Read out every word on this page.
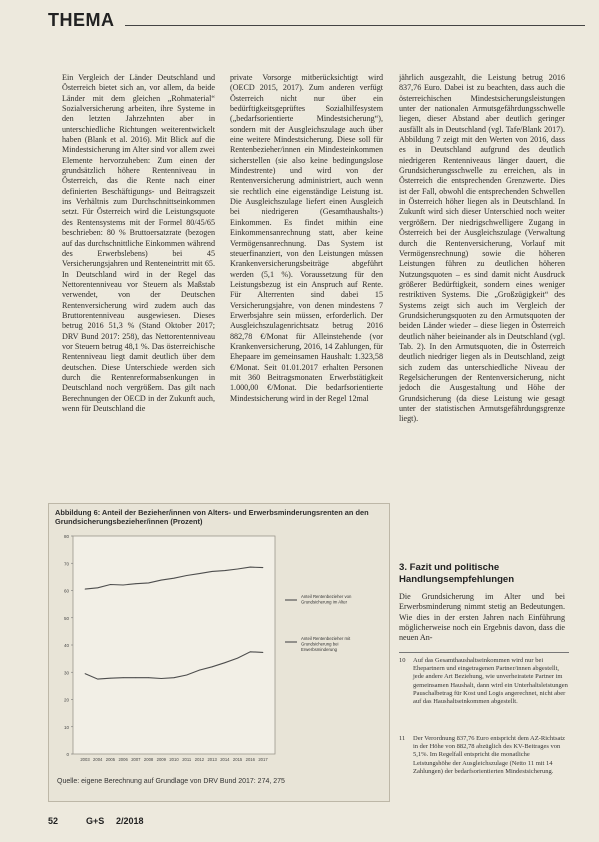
THEMA

Ein Vergleich der Länder Deutschland und Österreich bietet sich an, vor allem, da beide Länder mit dem gleichen „Rohmaterial“ Sozialversicherung arbeiten, ihre Systeme in den letzten Jahrzehnten aber in unterschiedliche Richtungen weiterentwickelt haben (Blank et al. 2016). Mit Blick auf die Mindestsicherung im Alter sind vor allem zwei Elemente hervorzuheben: Zum einen der grundsätzlich höhere Rentenniveau in Österreich, das die Rente nach einer definierten Beschäftigungs- und Beitragszeit ins Verhältnis zum Durchschnittseinkommen setzt. Für Österreich wird die Leistungsquote des Rentensystems mit der Formel 80/45/65 beschrieben: 80 % Bruttoersatzrate (bezogen auf das durchschnittliche Einkommen während des Erwerbslebens) bei 45 Versicherungsjahren und Renteneintritt mit 65. In Deutschland wird in der Regel das Nettorentenniveau vor Steuern als Maßstab verwendet, von der Deutschen Rentenversicherung wird zudem auch das Bruttorentenniveau ausgewiesen. Dieses betrug 2016 51,3 % (Stand Oktober 2017; DRV Bund 2017: 258), das Nettorentenniveau vor Steuern betrug 48,1 %. Das österreichische Rentenniveau liegt damit deutlich über dem deutschen. Diese Unterschiede werden sich durch die Rentenreformabsenkungen in Deutschland noch vergrößern. Das gilt nach Berechnungen der OECD in der Zukunft auch, wenn für Deutschland die

private Vorsorge mitberücksichtigt wird (OECD 2015, 2017). Zum anderen verfügt Österreich nicht nur über ein bedürftigkeitsgeprüftes Sozialhilfesystem („bedarfsorientierte Mindestsicherung“), sondern mit der Ausgleichszulage auch über eine weitere Mindestsicherung. Diese soll für Rentenbezieher/innen ein Mindesteinkommen sicherstellen (sie also keine bedingungslose Mindestrente) und wird von der Rentenversicherung administriert, auch wenn sie rechtlich eine eigenständige Leistung ist. Die Ausgleichszulage liefert einen Ausgleich bei niedrigeren (Gesamthaushalts-) Einkommen. Es findet mithin eine Einkommensanrechnung statt, aber keine Vermögensanrechnung. Das System ist steuerfinanziert, von den Leistungen müssen Krankenversicherungsbeiträge abgeführt werden (5,1 %). Voraussetzung für den Leistungsbezug ist ein Anspruch auf Rente. Für Alterrenten sind dabei 15 Versicherungsjahre, von denen mindestens 7 Erwerbsjahre sein müssen, erforderlich. Der Ausgleichszulagenrichtsatz betrug 2016 882,78 €/Monat für Alleinstehende (vor Krankenversicherung, 2016, 14 Zahlungen, für Ehepaare im gemeinsamen Haushalt: 1.323,58 €/Monat. Seit 01.01.2017 erhalten Personen mit 360 Beitragsmonaten Erwerbstätigkeit 1.000,00 €/Monat. Die bedarfsorientierte Mindestsicherung wird in der Regel 12mal

jährlich ausgezahlt, die Leistung betrug 2016 837,76 Euro. Dabei ist zu beachten, dass auch die österreichischen Mindestsicherungsleistungen unter der nationalen Armutsgefährdungsschwelle liegen, dieser Abstand aber deutlich geringer ausfällt als in Deutschland (vgl. Tafe/Blank 2017). Abbildung 7 zeigt mit den Werten von 2016, dass es in Deutschland aufgrund des deutlich niedrigeren Rentenniveaus länger dauert, die Grundsicherungsschwelle zu erreichen, als in Österreich die entsprechenden Grenzwerte. Dies ist der Fall, obwohl die entsprechenden Schwellen in Österreich höher liegen als in Deutschland. In Zukunft wird sich dieser Unterschied noch weiter vergrößern. Der niedrigschwelligere Zugang in Österreich bei der Ausgleichszulage (Verwaltung durch die Rentenversicherung, Vorlauf mit Vermögensrechnung) sowie die höheren Leistungen führen zu deutlichen höheren Nutzungsquoten – es sind damit nicht Ausdruck größerer Bedürftigkeit, sondern eines weniger restriktiven Systems. Die „Großzügigkeit“ des Systems zeigt sich auch im Vergleich der Grundsicherungsquoten zu den Armutsquoten der beiden Länder wieder – diese liegen in Österreich deutlich näher beieinander als in Deutschland (vgl. Tab. 2). In den Armutsquoten, die in Österreich deutlich niedriger liegen als in Deutschland, zeigt sich zudem das unterschiedliche Niveau der Regelsicherungen der Rentenversicherung, nicht jedoch die Ausgestaltung und Höhe der Grundsicherung (da diese Leistung wie gesagt unter der statistischen Armutsgefährdungsgrenze liegt).

Abbildung 6: Anteil der Bezieher/innen von Alters- und Erwerbsminderungsrenten an den Grundsicherungsbezieher/innen (Prozent)
0
10
20
30
40
50
60
70
80
2003 2004 2005 2006 2007 2008 2009 2010 2011 2012 2013 2014 2015 2016 2017
Anteil Rentenbezieher von Grundsicherung im Alter
Anteil Rentenbezieher mit Grundsicherung bei Erwerbsminderung
Quelle: eigene Berechnung auf Grundlage von DRV Bund 2017: 274, 275
3. Fazit und politische Handlungsempfehlungen

Die Grundsicherung im Alter und bei Erwerbsminderung nimmt stetig an Bedeutungen. Wie dies in der ersten Jahren nach Einführung möglicherweise noch ein Ergebnis davon, dass die neuen An-

10 Auf das Gesamthaushaltseinkommen wird nur bei Ehepartnern und eingetragenen Partner/innen abgestellt, jede andere Art Beziehung, wie unverheiratete Partner im gemeinsamen Haushalt, dann wird ein Unterhaltsleistungen Pauschalbetrag für Kost und Logis angerechnet, nicht aber auf das Haushaltseinkommen abgestellt.
11 Der Verordnung 837,76 Euro entspricht dem AZ-Richtsatz in der Höhe von 882,78 abzüglich des KV-Beitrages von 5,1%. Im Regelfall entspricht die monatliche Leistungshöhe der Ausgleichszulage (Netto 11 mit 14 Zahlungen) der bedarfsorientierten Mindestsicherung.
52	G+S 2/2018
